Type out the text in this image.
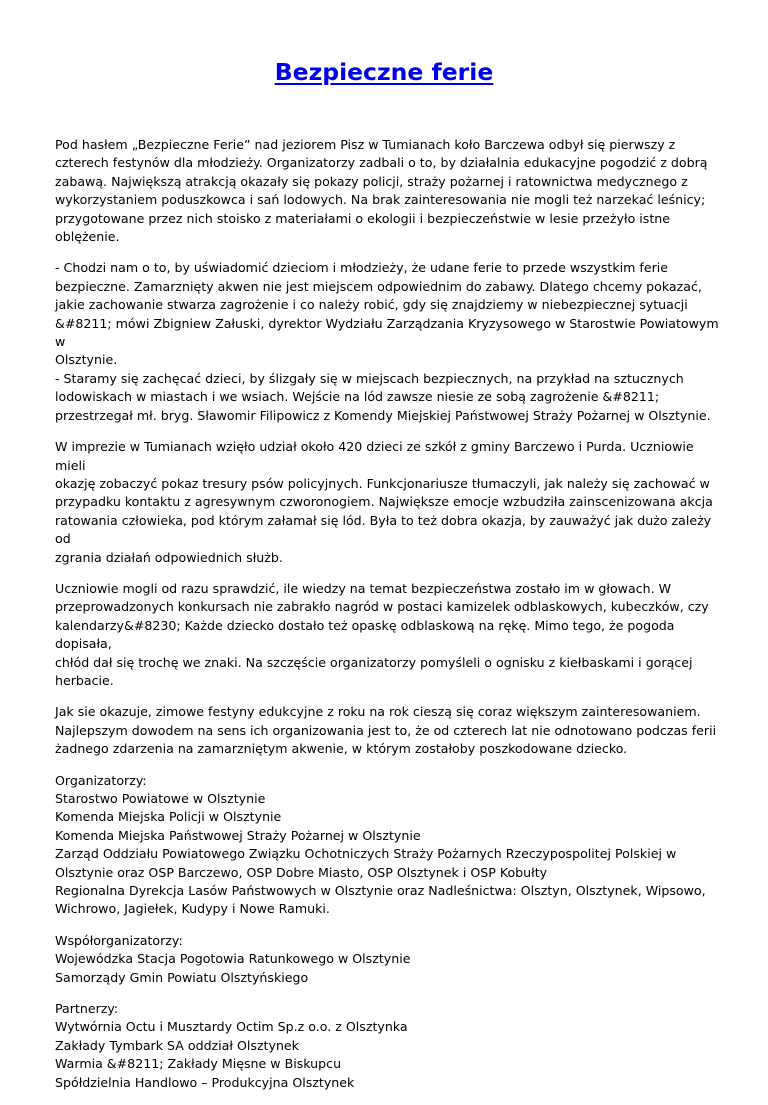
Bezpieczne ferie

Pod hasłem „Bezpieczne Ferie” nad jeziorem Pisz w Tumianach koło Barczewa odbył się pierwszy z
czterech festynów dla młodzieży. Organizatorzy zadbali o to, by działalnia edukacyjne pogodzić z dobrą
zabawą. Największą atrakcją okazały się pokazy policji, straży pożarnej i ratownictwa medycznego z
wykorzystaniem poduszkowca i sań lodowych. Na brak zainteresowania nie mogli też narzekać leśnicy;
przygotowane przez nich stoisko z materiałami o ekologii i bezpieczeństwie w lesie przeżyło istne
oblężenie.

- Chodzi nam o to, by uświadomić dzieciom i młodzieży, że udane ferie to przede wszystkim ferie
bezpieczne. Zamarznięty akwen nie jest miejscem odpowiednim do zabawy. Dlatego chcemy pokazać,
jakie zachowanie stwarza zagrożenie i co należy robić, gdy się znajdziemy w niebezpiecznej sytuacji
&#8211; mówi Zbigniew Załuski, dyrektor Wydziału Zarządzania Kryzysowego w Starostwie Powiatowym w
Olsztynie.
- Staramy się zachęcać dzieci, by ślizgały się w miejscach bezpiecznych, na przykład na sztucznych
lodowiskach w miastach i we wsiach. Wejście na lód zawsze niesie ze sobą zagrożenie &#8211;
przestrzegał mł. bryg. Sławomir Filipowicz z Komendy Miejskiej Państwowej Straży Pożarnej w Olsztynie.

W imprezie w Tumianach wzięło udział około 420 dzieci ze szkół z gminy Barczewo i Purda. Uczniowie mieli
okazję zobaczyć pokaz tresury psów policyjnych. Funkcjonariusze tłumaczyli, jak należy się zachować w
przypadku kontaktu z agresywnym czworonogiem. Największe emocje wzbudziła zainscenizowana akcja
ratowania człowieka, pod którym załamał się lód. Była to też dobra okazja, by zauważyć jak dużo zależy od
zgrania działań odpowiednich służb.

Uczniowie mogli od razu sprawdzić, ile wiedzy na temat bezpieczeństwa zostało im w głowach. W
przeprowadzonych konkursach nie zabrakło nagród w postaci kamizelek odblaskowych, kubeczków, czy
kalendarzy&#8230; Każde dziecko dostało też opaskę odblaskową na rękę. Mimo tego, że pogoda dopisała,
chłód dał się trochę we znaki. Na szczęście organizatorzy pomyśleli o ognisku z kiełbaskami i gorącej
herbacie.

Jak sie okazuje, zimowe festyny edukcyjne z roku na rok cieszą się coraz większym zainteresowaniem.
Najlepszym dowodem na sens ich organizowania jest to, że od czterech lat nie odnotowano podczas ferii
żadnego zdarzenia na zamarzniętym akwenie, w którym zostałoby poszkodowane dziecko.

Organizatorzy:
Starostwo Powiatowe w Olsztynie
Komenda Miejska Policji w Olsztynie
Komenda Miejska Państwowej Straży Pożarnej w Olsztynie
Zarząd Oddziału Powiatowego Związku Ochotniczych Straży Pożarnych Rzeczypospolitej Polskiej w
Olsztynie oraz OSP Barczewo, OSP Dobre Miasto, OSP Olsztynek i OSP Kobułty
Regionalna Dyrekcja Lasów Państwowych w Olsztynie oraz Nadleśnictwa: Olsztyn, Olsztynek, Wipsowo,
Wichrowo, Jagiełek, Kudypy i Nowe Ramuki.

Współorganizatorzy:
Wojewódzka Stacja Pogotowia Ratunkowego w Olsztynie
Samorządy Gmin Powiatu Olsztyńskiego

Partnerzy:
Wytwórnia Octu i Musztardy Octim Sp.z o.o. z Olsztynka
Zakłady Tymbark SA oddział Olsztynek
Warmia &#8211; Zakłady Mięsne w Biskupcu
Spółdzielnia Handlowo – Produkcyjna Olsztynek
